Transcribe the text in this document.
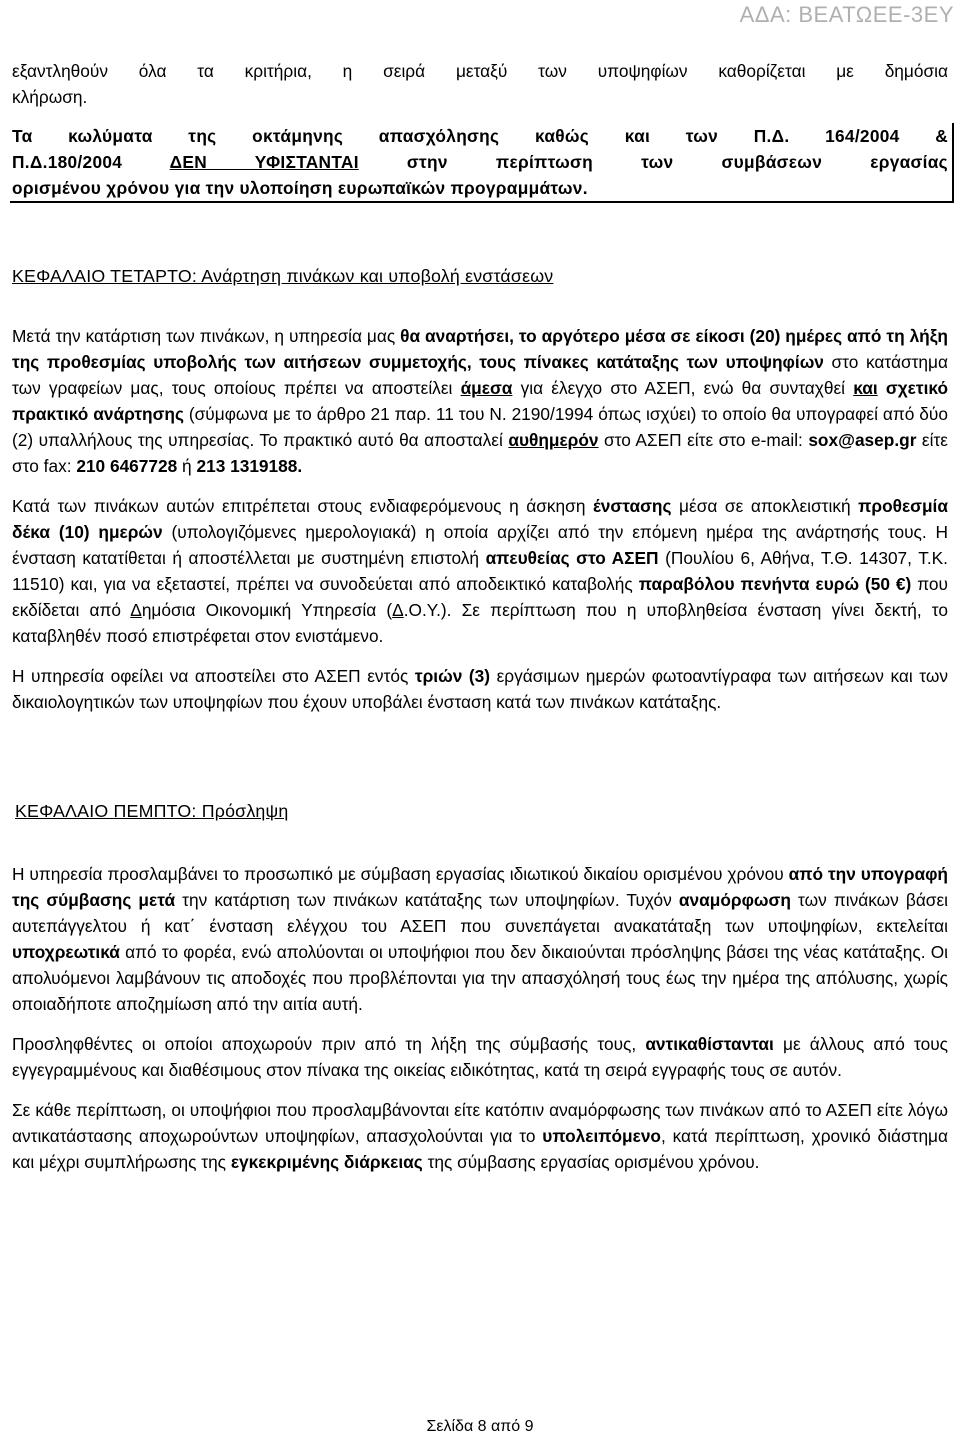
ΑΔΑ: ΒΕΑΤΩΕΕ-3ΕΥ

εξαντληθούν όλα τα κριτήρια, η σειρά μεταξύ των υποψηφίων καθορίζεται με δημόσια

κλήρωση.

Τα κωλύματα της οκτάμηνης απασχόλησης καθώς και των Π.Δ. 164/2004 &

Π.Δ.180/2004 ΔΕΝ ΥΦΙΣΤΑΝΤΑΙ στην περίπτωση των συμβάσεων εργασίας

ορισμένου χρόνου για την υλοποίηση ευρωπαϊκών προγραμμάτων.

ΚΕΦΑΛΑΙΟ ΤΕΤΑΡΤΟ: Ανάρτηση πινάκων και υποβολή ενστάσεων

Μετά την κατάρτιση των πινάκων, η υπηρεσία μας θα αναρτήσει, το αργότερο μέσα σε είκοσι (20) ημέρες από τη λήξη της προθεσμίας υποβολής των αιτήσεων συμμετοχής, τους πίνακες κατάταξης των υποψηφίων στο κατάστημα των γραφείων μας, τους οποίους πρέπει να αποστείλει άμεσα για έλεγχο στο ΑΣΕΠ, ενώ θα συνταχθεί και σχετικό πρακτικό ανάρτησης (σύμφωνα με το άρθρο 21 παρ. 11 του Ν. 2190/1994 όπως ισχύει) το οποίο θα υπογραφεί από δύο (2) υπαλλήλους της υπηρεσίας. Το πρακτικό αυτό θα αποσταλεί αυθημερόν στο ΑΣΕΠ είτε στο e-mail: sox@asep.gr είτε στο fax: 210 6467728 ή 213 1319188.

Κατά των πινάκων αυτών επιτρέπεται στους ενδιαφερόμενους η άσκηση ένστασης μέσα σε αποκλειστική προθεσμία δέκα (10) ημερών (υπολογιζόμενες ημερολογιακά) η οποία αρχίζει από την επόμενη ημέρα της ανάρτησής τους. Η ένσταση κατατίθεται ή αποστέλλεται με συστημένη επιστολή απευθείας στο ΑΣΕΠ (Πουλίου 6, Αθήνα, Τ.Θ. 14307, Τ.Κ. 11510) και, για να εξεταστεί, πρέπει να συνοδεύεται από αποδεικτικό καταβολής παραβόλου πενήντα ευρώ (50 €) που εκδίδεται από Δημόσια Οικονομική Υπηρεσία (Δ.Ο.Υ.). Σε περίπτωση που η υποβληθείσα ένσταση γίνει δεκτή, το καταβληθέν ποσό επιστρέφεται στον ενιστάμενο.

Η υπηρεσία οφείλει να αποστείλει στο ΑΣΕΠ εντός τριών (3) εργάσιμων ημερών φωτοαντίγραφα των αιτήσεων και των δικαιολογητικών των υποψηφίων που έχουν υποβάλει ένσταση κατά των πινάκων κατάταξης.

ΚΕΦΑΛΑΙΟ ΠΕΜΠΤΟ: Πρόσληψη

Η υπηρεσία προσλαμβάνει το προσωπικό με σύμβαση εργασίας ιδιωτικού δικαίου ορισμένου χρόνου από την υπογραφή της σύμβασης μετά την κατάρτιση των πινάκων κατάταξης των υποψηφίων. Τυχόν αναμόρφωση των πινάκων βάσει αυτεπάγγελτου ή κατ΄ ένσταση ελέγχου του ΑΣΕΠ που συνεπάγεται ανακατάταξη των υποψηφίων, εκτελείται υποχρεωτικά από το φορέα, ενώ απολύονται οι υποψήφιοι που δεν δικαιούνται πρόσληψης βάσει της νέας κατάταξης. Οι απολυόμενοι λαμβάνουν τις αποδοχές που προβλέπονται για την απασχόλησή τους έως την ημέρα της απόλυσης, χωρίς οποιαδήποτε αποζημίωση από την αιτία αυτή.

Προσληφθέντες οι οποίοι αποχωρούν πριν από τη λήξη της σύμβασής τους, αντικαθίστανται με άλλους από τους εγγεγραμμένους και διαθέσιμους στον πίνακα της οικείας ειδικότητας, κατά τη σειρά εγγραφής τους σε αυτόν.

Σε κάθε περίπτωση, οι υποψήφιοι που προσλαμβάνονται είτε κατόπιν αναμόρφωσης των πινάκων από το ΑΣΕΠ είτε λόγω αντικατάστασης αποχωρούντων υποψηφίων, απασχολούνται για το υπολειπόμενο, κατά περίπτωση, χρονικό διάστημα και μέχρι συμπλήρωσης της εγκεκριμένης διάρκειας της σύμβασης εργασίας ορισμένου χρόνου.

Σελίδα 8 από 9
